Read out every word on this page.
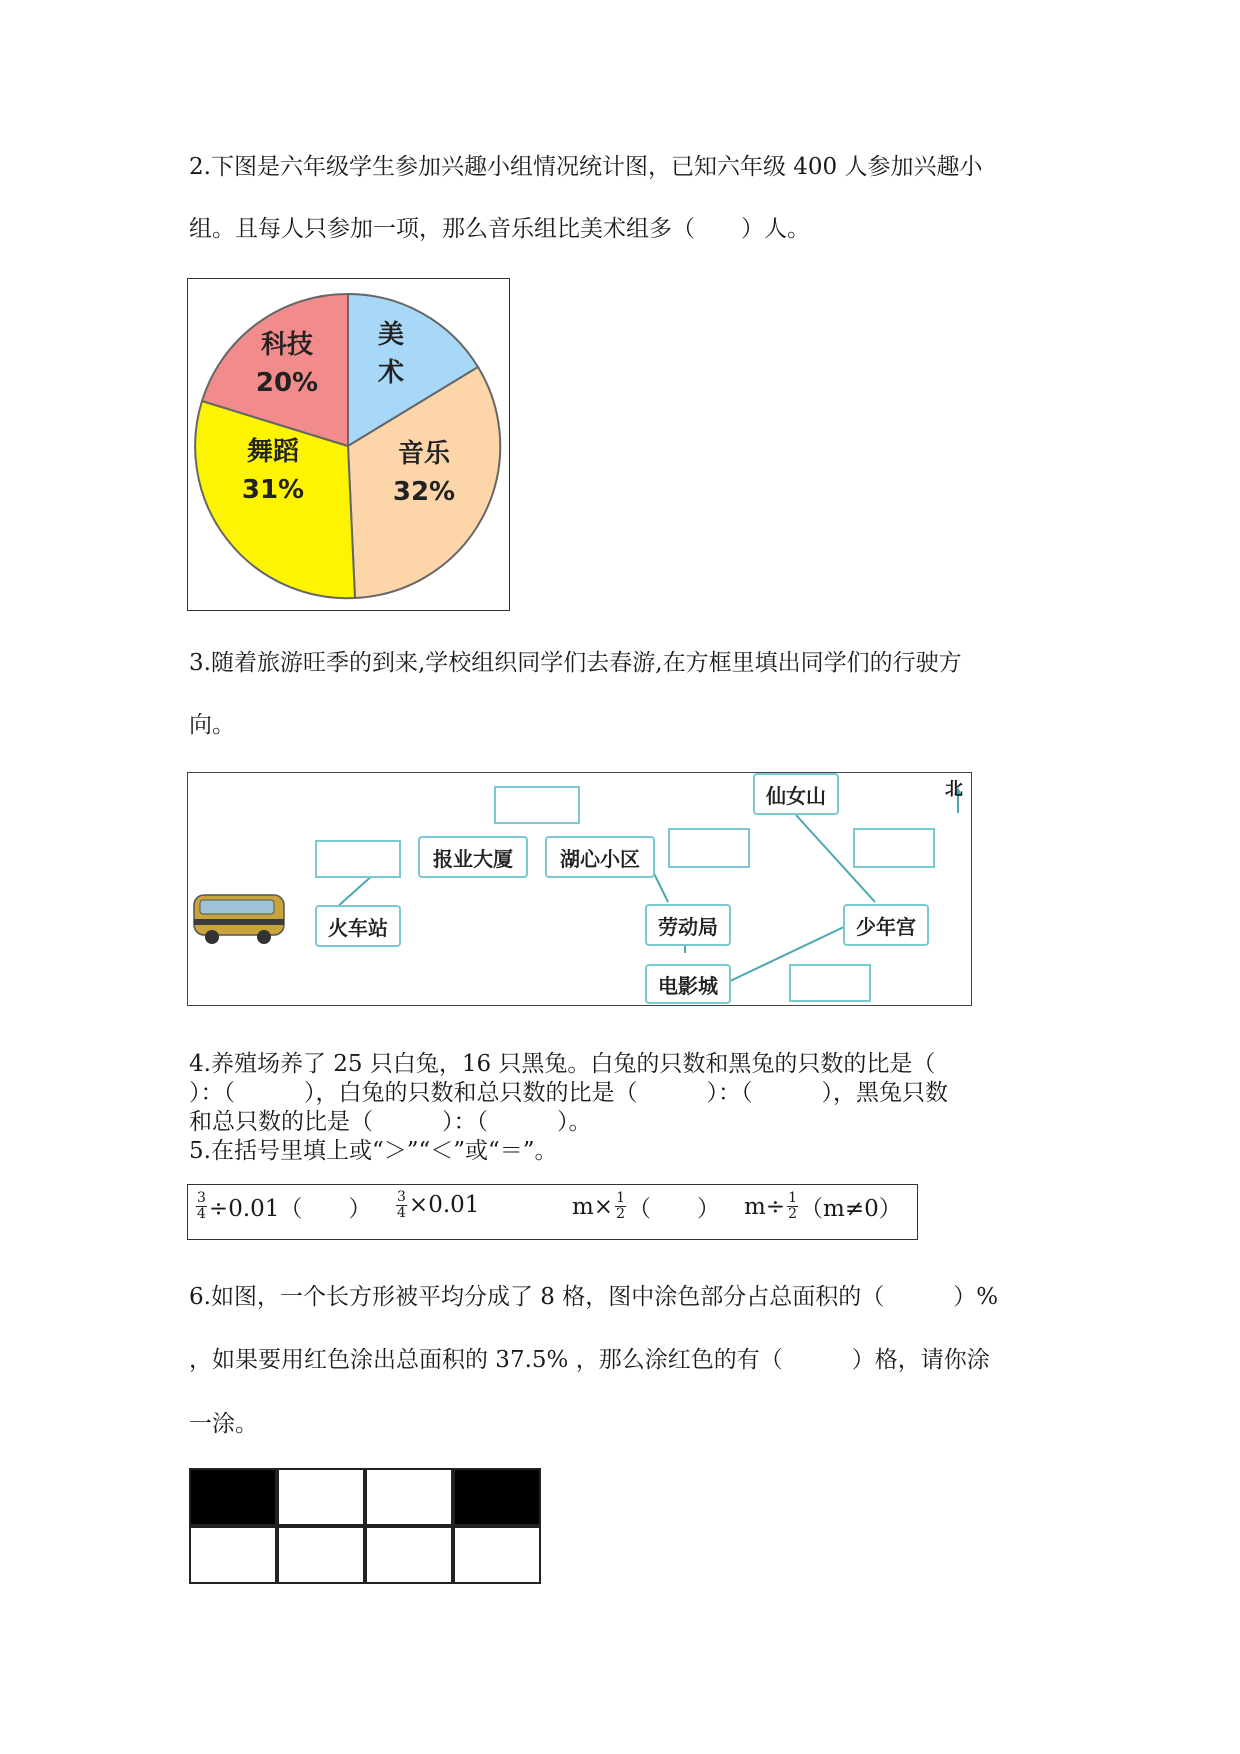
2.下图是六年级学生参加兴趣小组情况统计图，已知六年级 400 人参加兴趣小
组。且每人只参加一项，那么音乐组比美术组多（　　）人。
美
术
音乐
32%
舞蹈
31%
科技
20%
3.随着旅游旺季的到来,学校组织同学们去春游,在方框里填出同学们的行驶方
向。
北
火车站
报业大厦	湖心小区
劳动局
电影城
少年宫
仙女山
4.养殖场养了 25 只白兔，16 只黑兔。白兔的只数和黑兔的只数的比是（
）：（　　　），白兔的只数和总只数的比是（　　　）：（　　　），黑兔只数
和总只数的比是（　　　）：（　　　）。
5.在括号里填上或“＞”“＜”或“＝”。
$\frac{3}{4} \div 0.01$（　　） $\frac{3}{4} \times 0.01$	$m\times \frac{1}{2}$ （　　） $m\div \frac{1}{2} (m\ne 0)$
6.如图，一个长方形被平均分成了 8 格，图中涂色部分占总面积的（　　　）%
，如果要用红色涂出总面积的 37.5% ，那么涂红色的有（　　　）格，请你涂
一涂。
